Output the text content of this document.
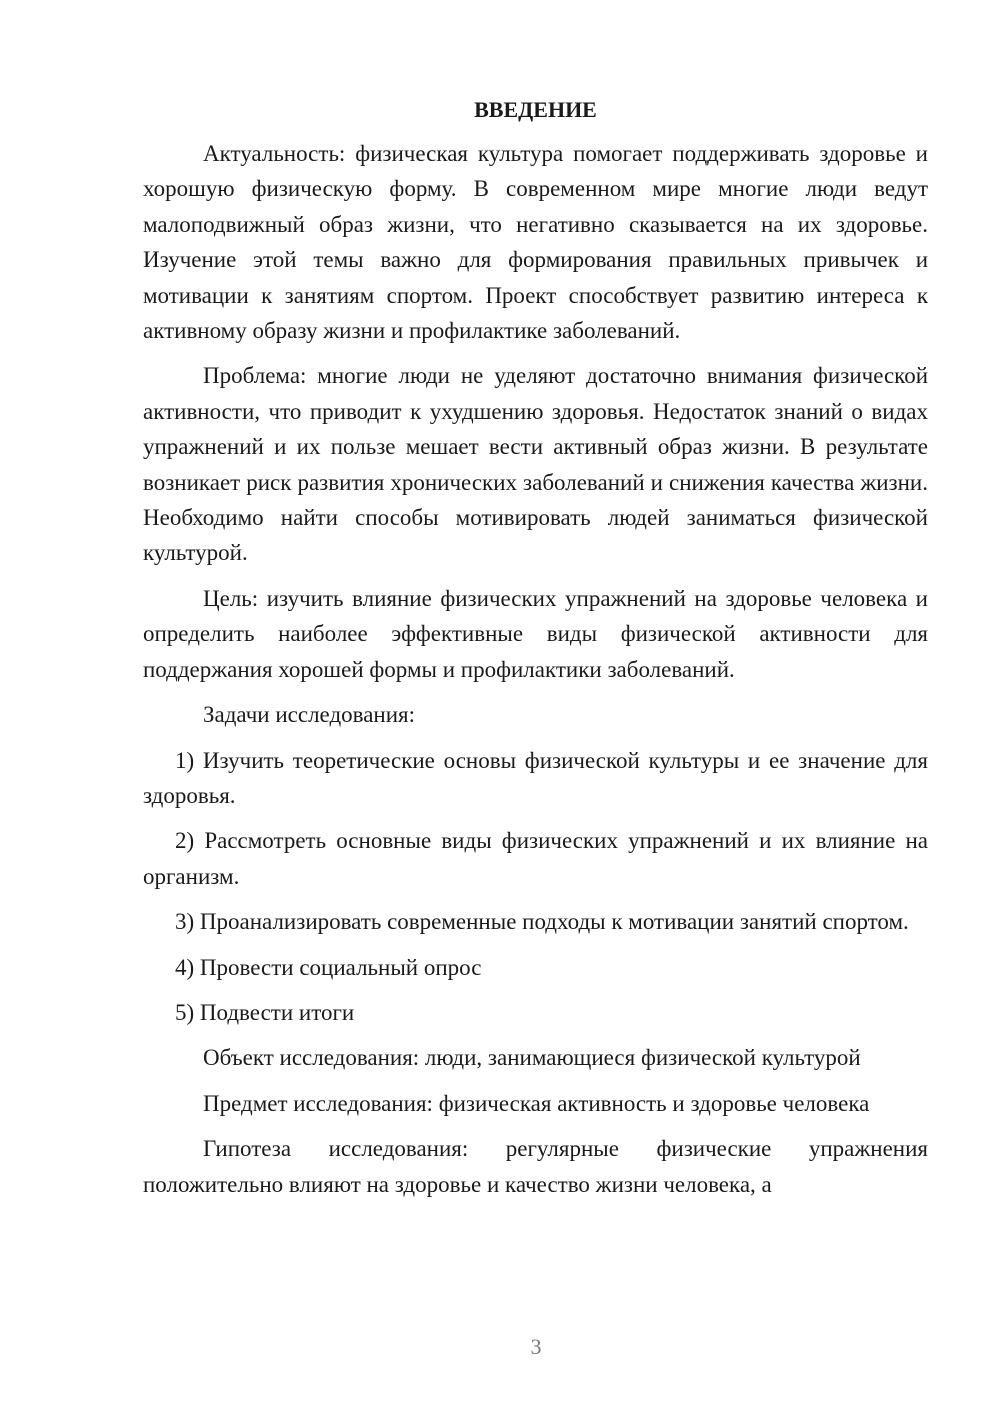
ВВЕДЕНИЕ

Актуальность: физическая культура помогает поддерживать здоровье и хорошую физическую форму. В современном мире многие люди ведут малоподвижный образ жизни, что негативно сказывается на их здоровье. Изучение этой темы важно для формирования правильных привычек и мотивации к занятиям спортом. Проект способствует развитию интереса к активному образу жизни и профилактике заболеваний.

Проблема: многие люди не уделяют достаточно внимания физической активности, что приводит к ухудшению здоровья. Недостаток знаний о видах упражнений и их пользе мешает вести активный образ жизни. В результате возникает риск развития хронических заболеваний и снижения качества жизни. Необходимо найти способы мотивировать людей заниматься физической культурой.

Цель: изучить влияние физических упражнений на здоровье человека и определить наиболее эффективные виды физической активности для поддержания хорошей формы и профилактики заболеваний.

Задачи исследования:

1) Изучить теоретические основы физической культуры и ее значение для здоровья.

2) Рассмотреть основные виды физических упражнений и их влияние на организм.

3) Проанализировать современные подходы к мотивации занятий спортом.

4) Провести социальный опрос

5) Подвести итоги

Объект исследования: люди, занимающиеся физической культурой

Предмет исследования: физическая активность и здоровье человека

Гипотеза исследования: регулярные физические упражнения положительно влияют на здоровье и качество жизни человека, а

3
